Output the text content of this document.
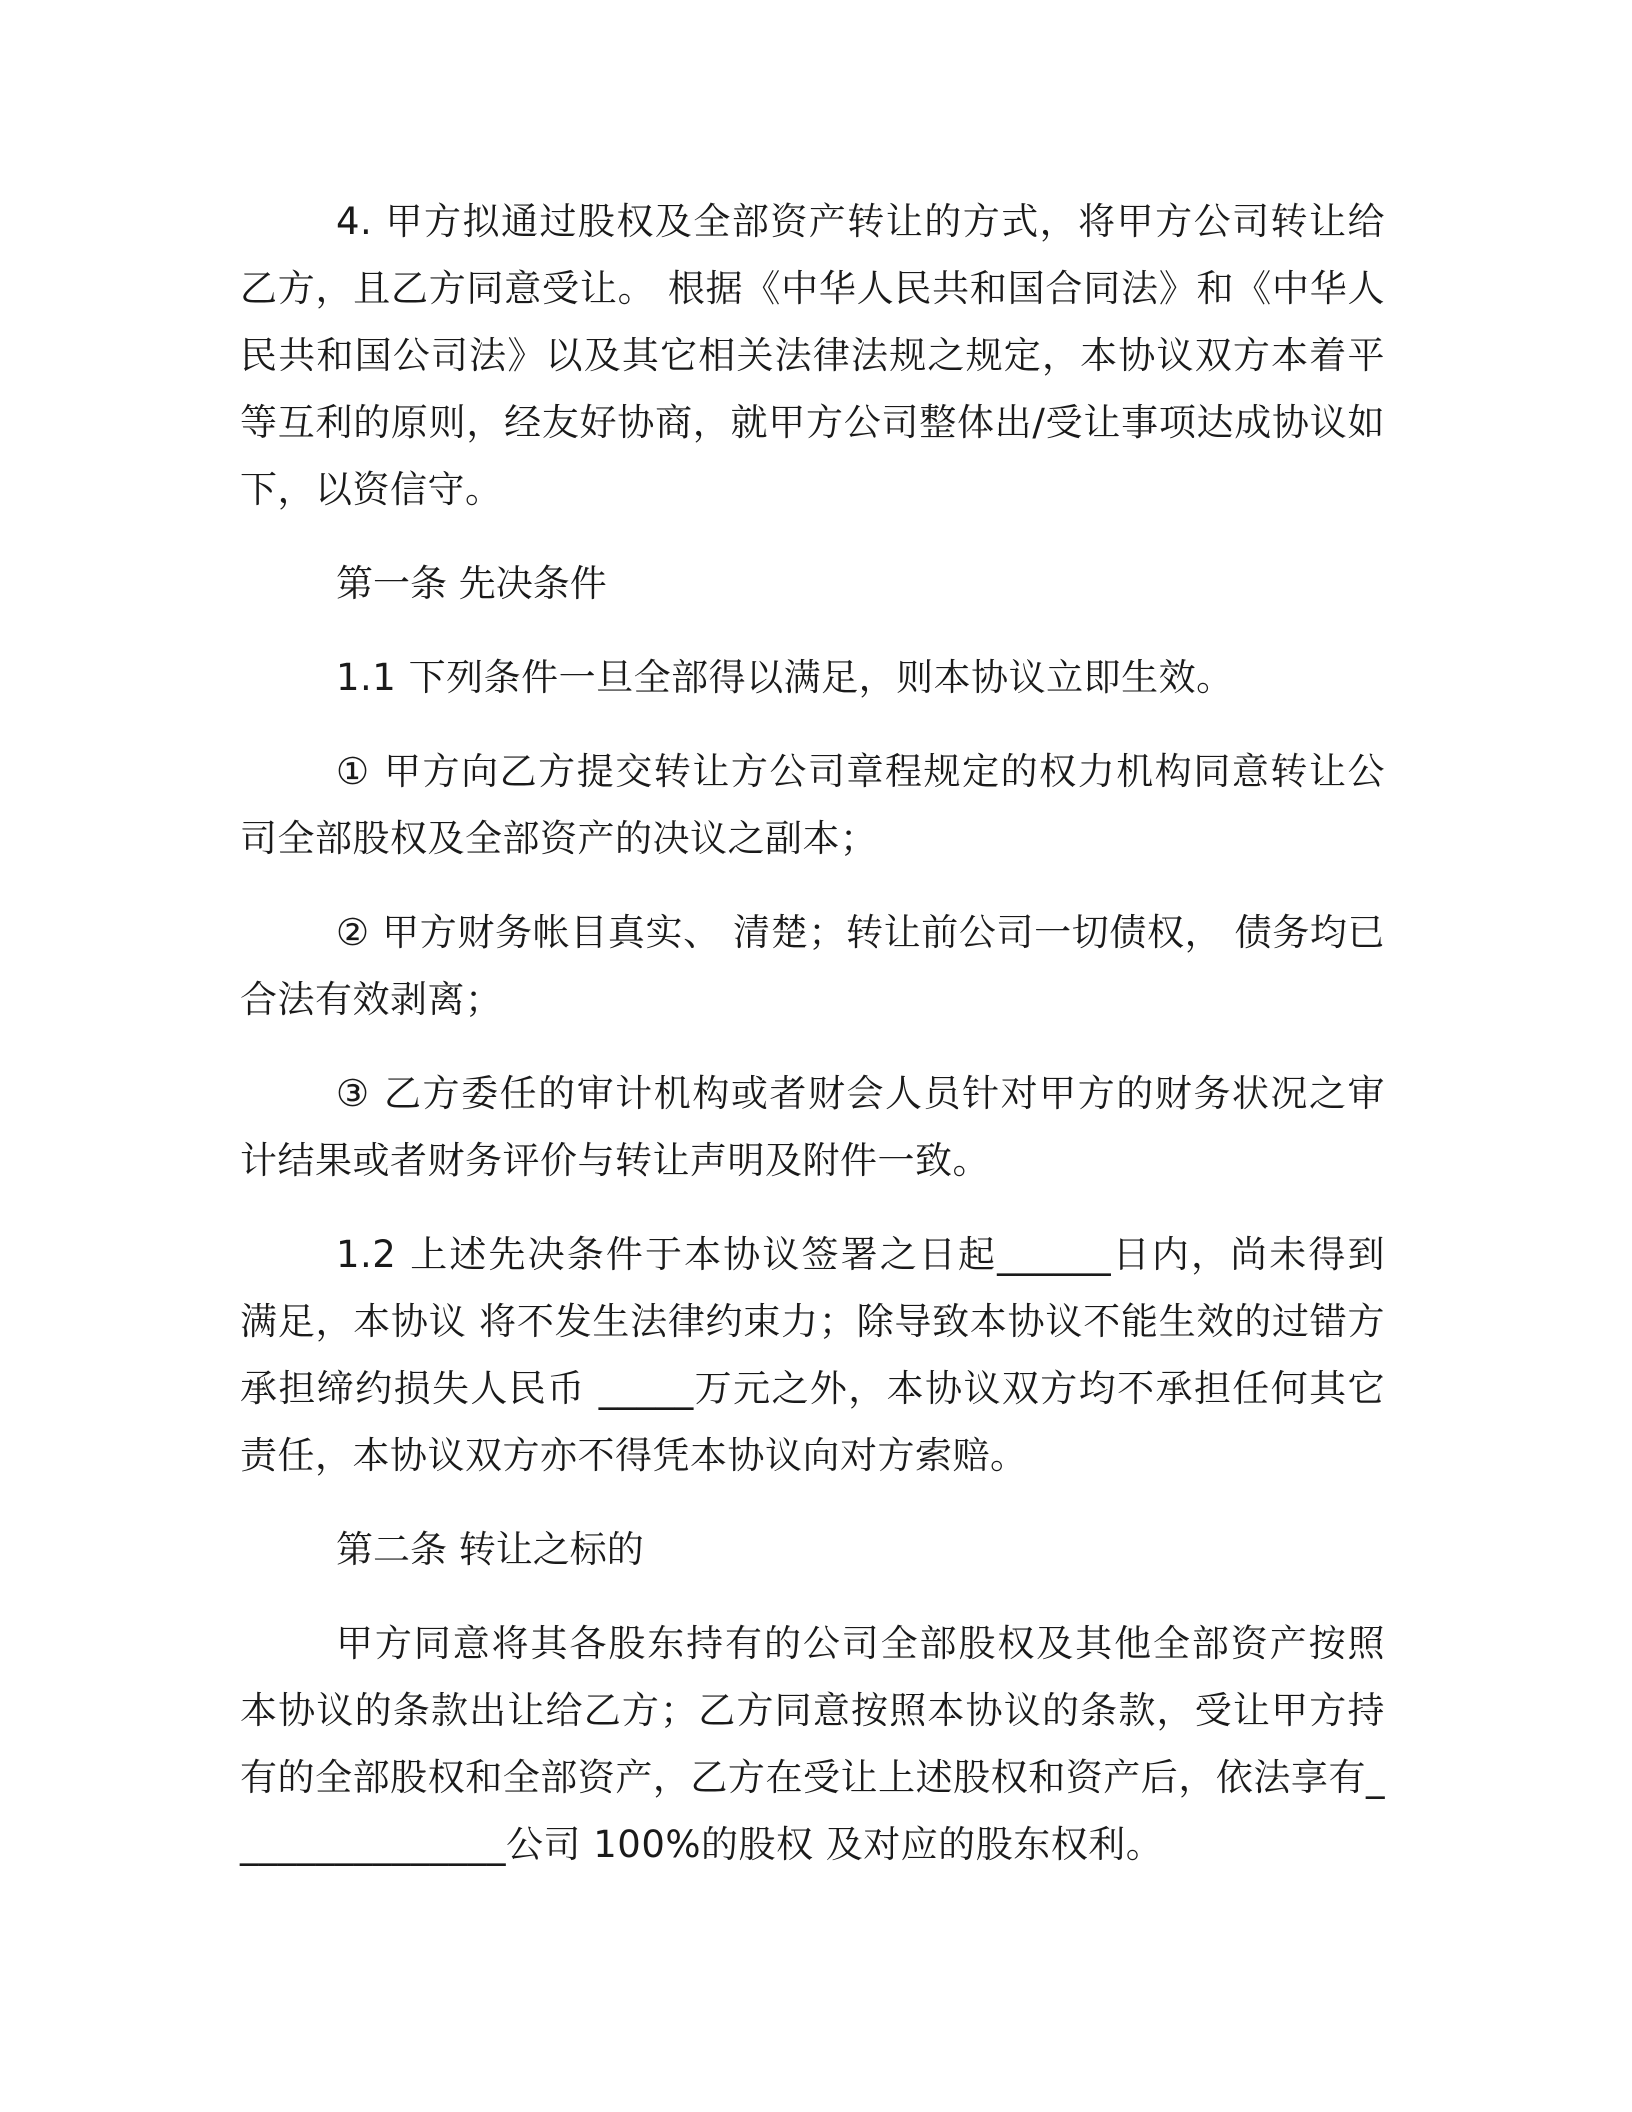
4. 甲方拟通过股权及全部资产转让的方式，将甲方公司转让给乙方，且乙方同意受让。 根据《中华人民共和国合同法》和《中华人民共和国公司法》以及其它相关法律法规之规定，本协议双方本着平等互利的原则，经友好协商，就甲方公司整体出/受让事项达成协议如下，以资信守。

第一条 先决条件

1.1 下列条件一旦全部得以满足，则本协议立即生效。

① 甲方向乙方提交转让方公司章程规定的权力机构同意转让公司全部股权及全部资产的决议之副本；

② 甲方财务帐目真实、 清楚；转让前公司一切债权， 债务均已合法有效剥离；

③ 乙方委任的审计机构或者财会人员针对甲方的财务状况之审计结果或者财务评价与转让声明及附件一致。

1.2 上述先决条件于本协议签署之日起______日内，尚未得到满足，本协议 将不发生法律约束力；除导致本协议不能生效的过错方承担缔约损失人民币 _____万元之外，本协议双方均不承担任何其它责任，本协议双方亦不得凭本协议向对方索赔。

第二条 转让之标的

甲方同意将其各股东持有的公司全部股权及其他全部资产按照本协议的条款出让给乙方；乙方同意按照本协议的条款，受让甲方持有的全部股权和全部资产，乙方在受让上述股权和资产后，依法享有_______________公司 100%的股权 及对应的股东权利。
